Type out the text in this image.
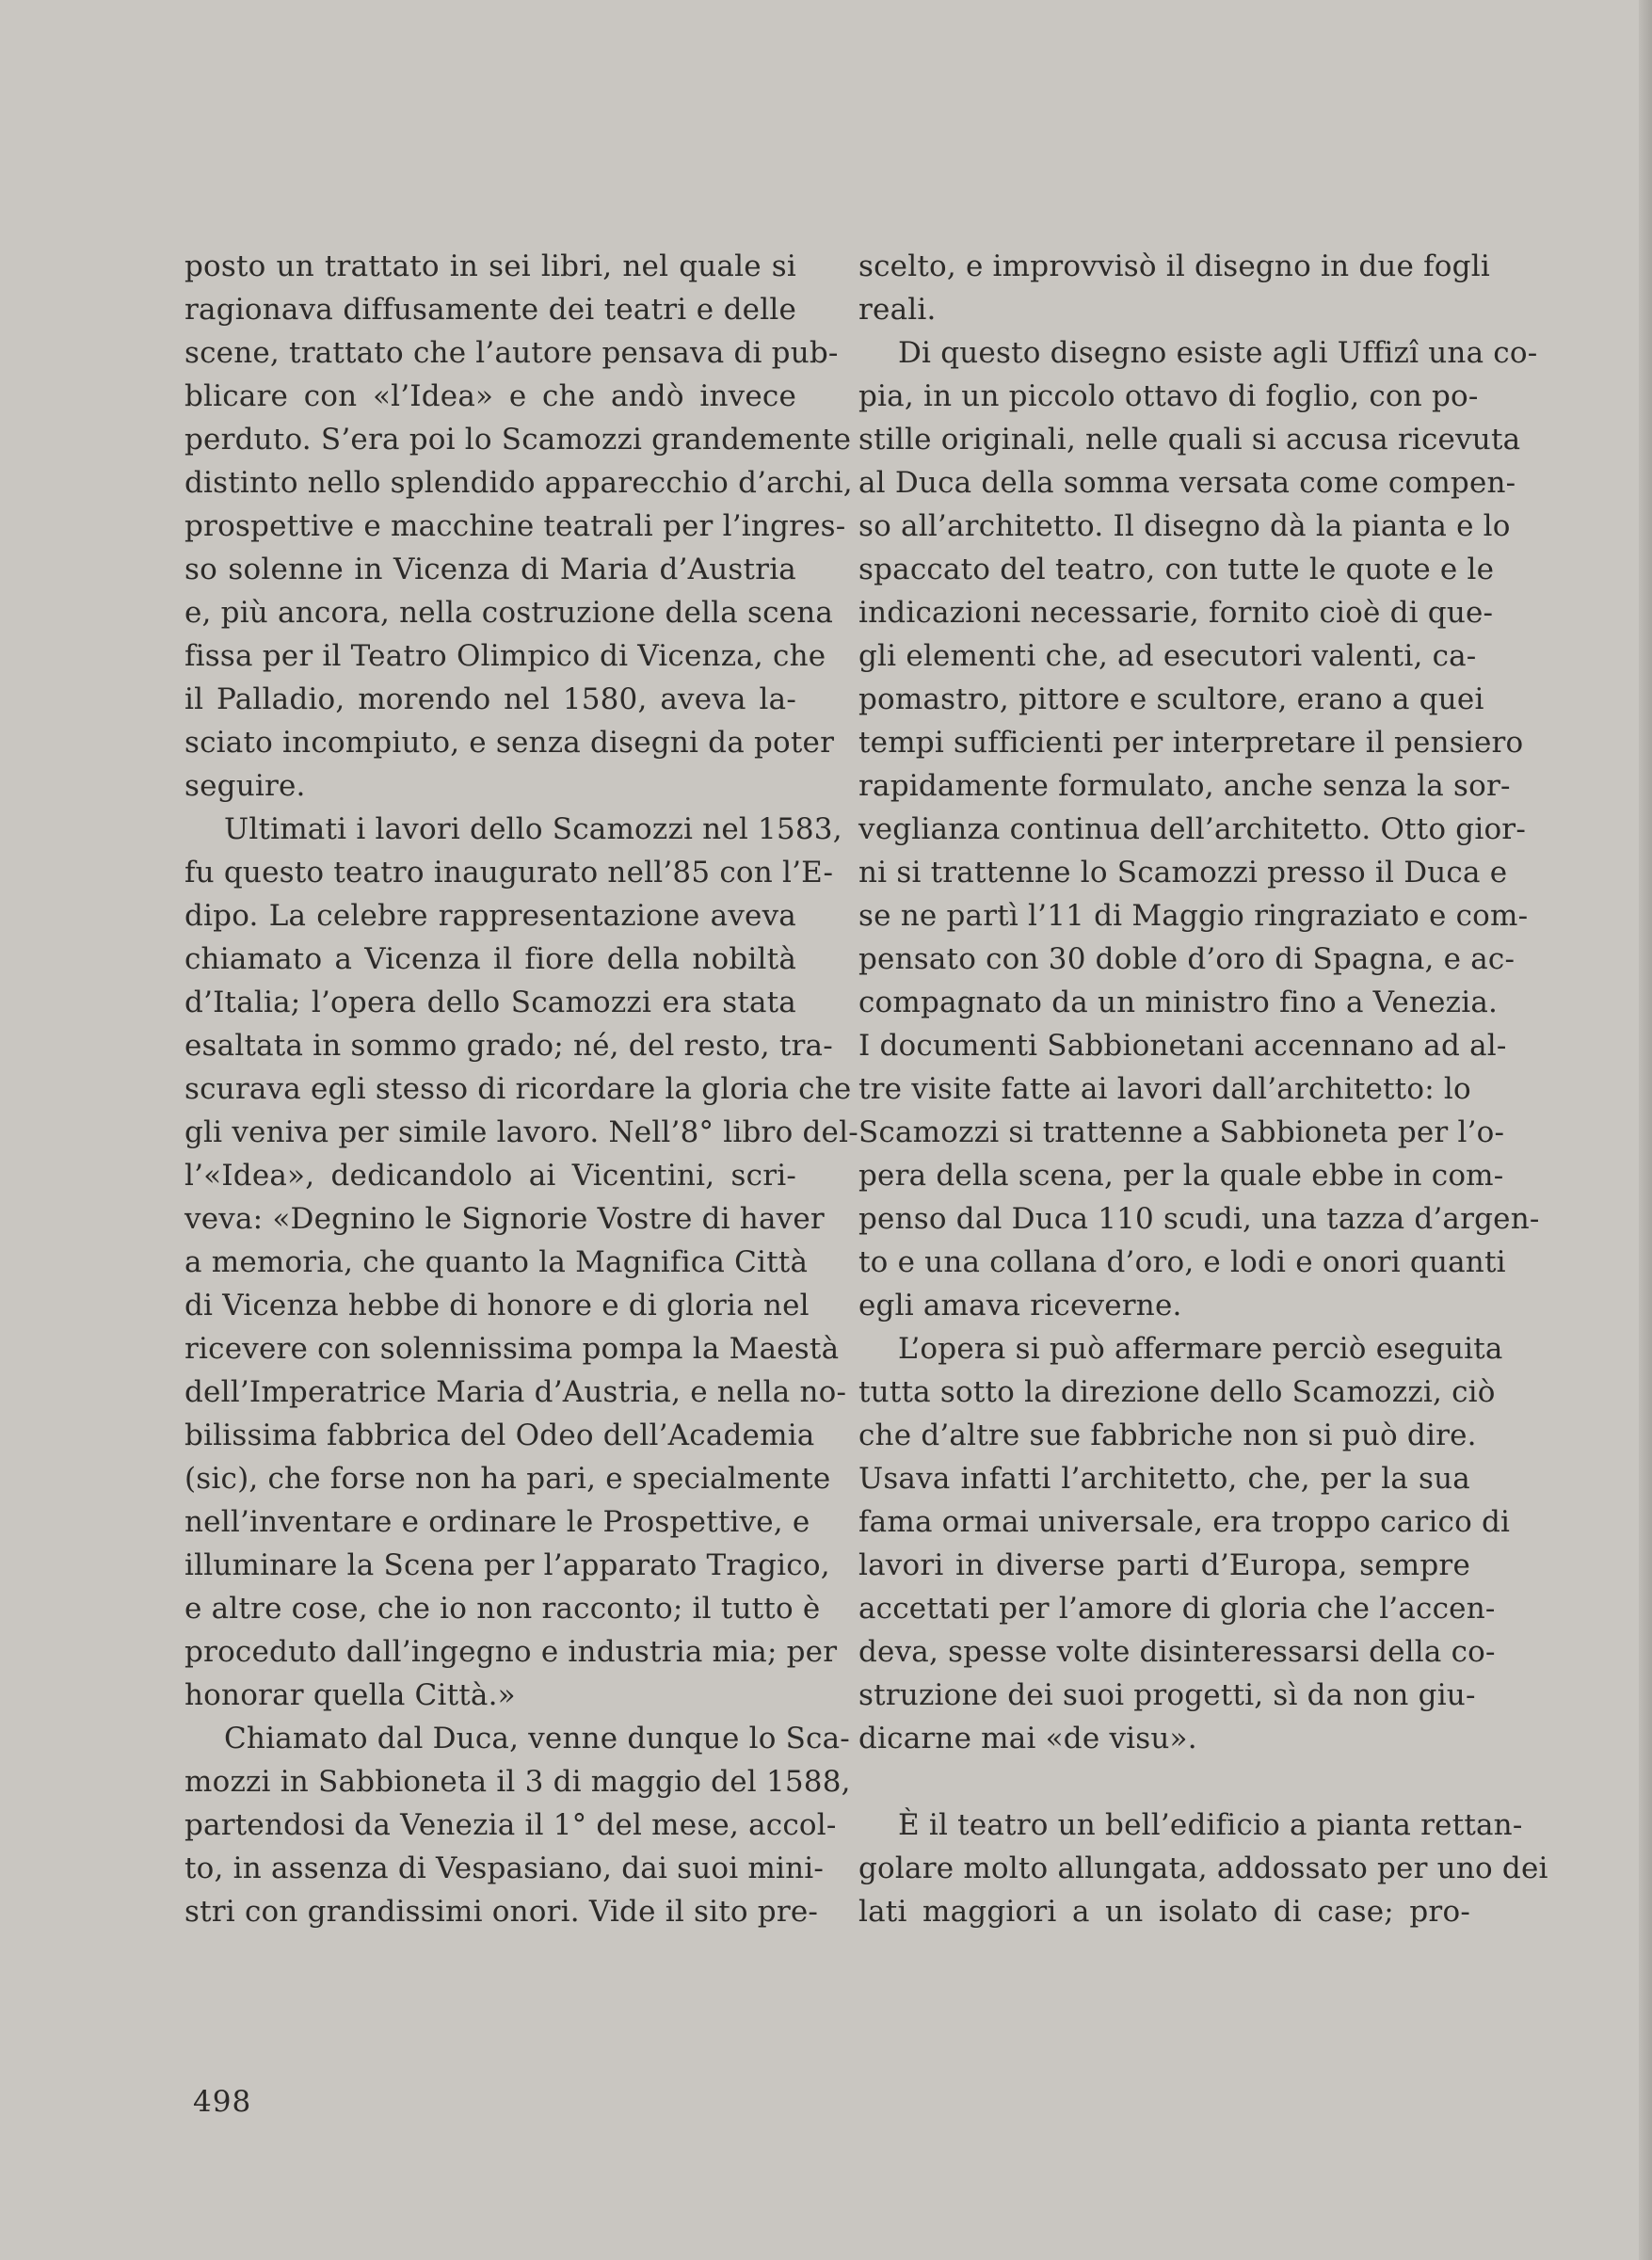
posto un trattato in sei libri, nel quale si
ragionava diffusamente dei teatri e delle
scene, trattato che l’autore pensava di pub-
blicare con «l’Idea» e che andò invece
perduto. S’era poi lo Scamozzi grandemente
distinto nello splendido apparecchio d’archi,
prospettive e macchine teatrali per l’ingres-
so solenne in Vicenza di Maria d’Austria
e, più ancora, nella costruzione della scena
fissa per il Teatro Olimpico di Vicenza, che
il Palladio, morendo nel 1580, aveva la-
sciato incompiuto, e senza disegni da poter
seguire.
Ultimati i lavori dello Scamozzi nel 1583,
fu questo teatro inaugurato nell’85 con l’E-
dipo. La celebre rappresentazione aveva
chiamato a Vicenza il fiore della nobiltà
d’Italia; l’opera dello Scamozzi era stata
esaltata in sommo grado; né, del resto, tra-
scurava egli stesso di ricordare la gloria che
gli veniva per simile lavoro. Nell’8° libro del-
l’«Idea», dedicandolo ai Vicentini, scri-
veva: «Degnino le Signorie Vostre di haver
a memoria, che quanto la Magnifica Città
di Vicenza hebbe di honore e di gloria nel
ricevere con solennissima pompa la Maestà
dell’Imperatrice Maria d’Austria, e nella no-
bilissima fabbrica del Odeo dell’Academia
(sic), che forse non ha pari, e specialmente
nell’inventare e ordinare le Prospettive, e
illuminare la Scena per l’apparato Tragico,
e altre cose, che io non racconto; il tutto è
proceduto dall’ingegno e industria mia; per
honorar quella Città.»
Chiamato dal Duca, venne dunque lo Sca-
mozzi in Sabbioneta il 3 di maggio del 1588,
partendosi da Venezia il 1° del mese, accol-
to, in assenza di Vespasiano, dai suoi mini-
stri con grandissimi onori. Vide il sito pre-
scelto, e improvvisò il disegno in due fogli
reali.
Di questo disegno esiste agli Uffizî una co-
pia, in un piccolo ottavo di foglio, con po-
stille originali, nelle quali si accusa ricevuta
al Duca della somma versata come compen-
so all’architetto. Il disegno dà la pianta e lo
spaccato del teatro, con tutte le quote e le
indicazioni necessarie, fornito cioè di que-
gli elementi che, ad esecutori valenti, ca-
pomastro, pittore e scultore, erano a quei
tempi sufficienti per interpretare il pensiero
rapidamente formulato, anche senza la sor-
veglianza continua dell’architetto. Otto gior-
ni si trattenne lo Scamozzi presso il Duca e
se ne partì l’11 di Maggio ringraziato e com-
pensato con 30 doble d’oro di Spagna, e ac-
compagnato da un ministro fino a Venezia.
I documenti Sabbionetani accennano ad al-
tre visite fatte ai lavori dall’architetto: lo
Scamozzi si trattenne a Sabbioneta per l’o-
pera della scena, per la quale ebbe in com-
penso dal Duca 110 scudi, una tazza d’argen-
to e una collana d’oro, e lodi e onori quanti
egli amava riceverne.
L’opera si può affermare perciò eseguita
tutta sotto la direzione dello Scamozzi, ciò
che d’altre sue fabbriche non si può dire.
Usava infatti l’architetto, che, per la sua
fama ormai universale, era troppo carico di
lavori in diverse parti d’Europa, sempre
accettati per l’amore di gloria che l’accen-
deva, spesse volte disinteressarsi della co-
struzione dei suoi progetti, sì da non giu-
dicarne mai «de visu».
È il teatro un bell’edificio a pianta rettan-
golare molto allungata, addossato per uno dei
lati maggiori a un isolato di case; pro-
498
